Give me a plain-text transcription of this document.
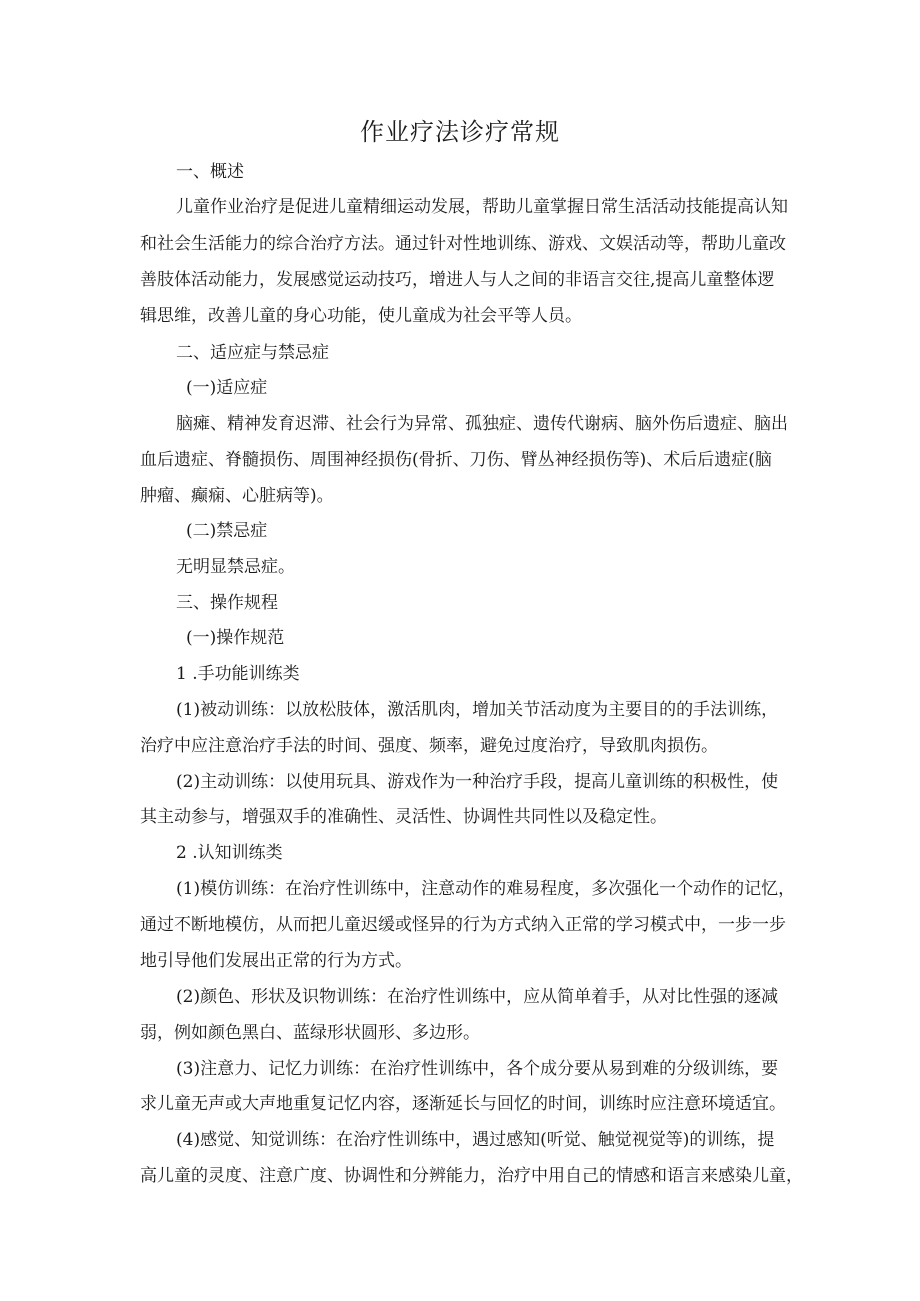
作业疗法诊疗常规
一、概述
儿童作业治疗是促进儿童精细运动发展，帮助儿童掌握日常生活活动技能提高认知
和社会生活能力的综合治疗方法。通过针对性地训练、游戏、文娱活动等，帮助儿童改
善肢体活动能力，发展感觉运动技巧，增进人与人之间的非语言交往,提高儿童整体逻
辑思维，改善儿童的身心功能，使儿童成为社会平等人员。
二、适应症与禁忌症
(一)适应症
脑瘫、精神发育迟滞、社会行为异常、孤独症、遗传代谢病、脑外伤后遗症、脑出
血后遗症、脊髓损伤、周围神经损伤(骨折、刀伤、臂丛神经损伤等)、术后后遗症(脑
肿瘤、癫痫、心脏病等)。
(二)禁忌症
无明显禁忌症。
三、操作规程
(一)操作规范
1 .手功能训练类
(1)被动训练：以放松肢体，激活肌肉，增加关节活动度为主要目的的手法训练，
治疗中应注意治疗手法的时间、强度、频率，避免过度治疗，导致肌肉损伤。
(2)主动训练：以使用玩具、游戏作为一种治疗手段，提高儿童训练的积极性，使
其主动参与，增强双手的准确性、灵活性、协调性共同性以及稳定性。
2 .认知训练类
(1)模仿训练：在治疗性训练中，注意动作的难易程度，多次强化一个动作的记忆，
通过不断地模仿，从而把儿童迟缓或怪异的行为方式纳入正常的学习模式中，一步一步
地引导他们发展出正常的行为方式。
(2)颜色、形状及识物训练：在治疗性训练中，应从简单着手，从对比性强的逐减
弱，例如颜色黑白、蓝绿形状圆形、多边形。
(3)注意力、记忆力训练：在治疗性训练中，各个成分要从易到难的分级训练，要
求儿童无声或大声地重复记忆内容，逐渐延长与回忆的时间，训练时应注意环境适宜。
(4)感觉、知觉训练：在治疗性训练中，遇过感知(听觉、触觉视觉等)的训练，提
高儿童的灵度、注意广度、协调性和分辨能力，治疗中用自己的情感和语言来感染儿童，
